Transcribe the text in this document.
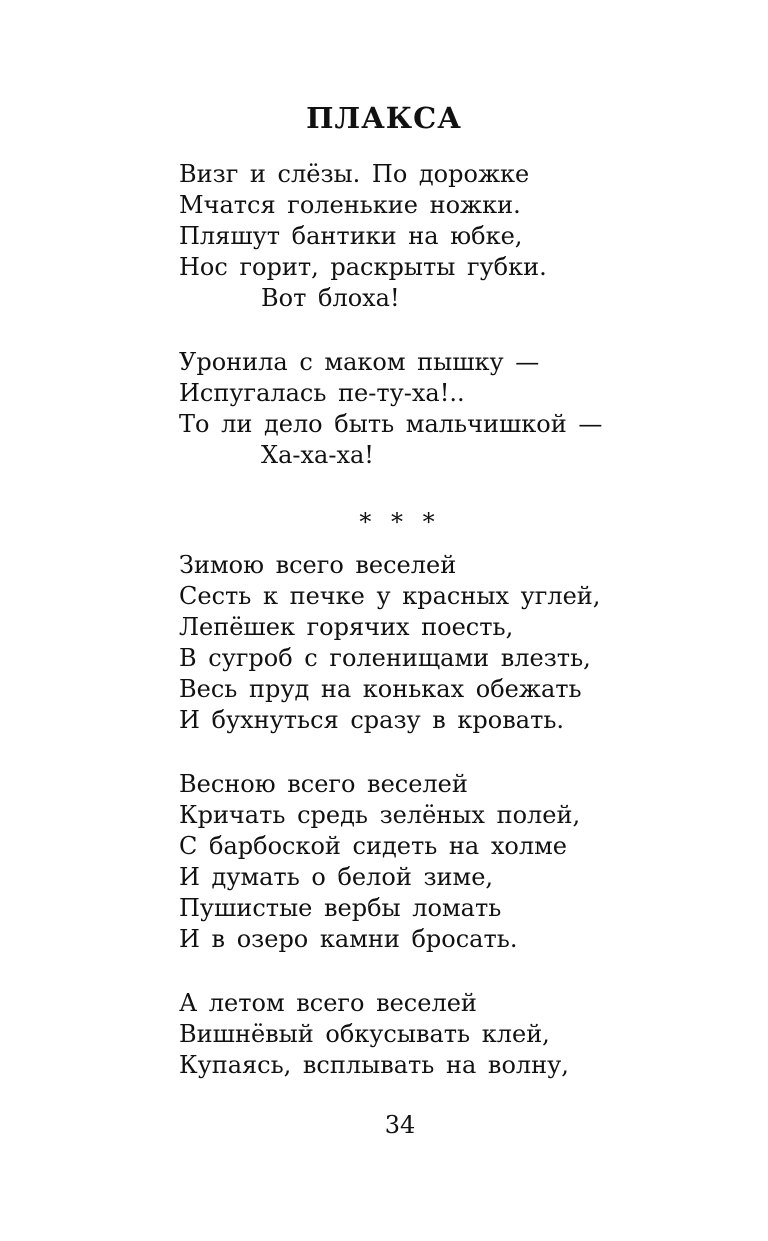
ПЛАКСА
Визг и слёзы. По дорожке
Мчатся голенькие ножки.
Пляшут бантики на юбке,
Нос горит, раскрыты губки.
Вот блоха!
Уронила с маком пышку —
Испугалась пе-ту-ха!..
То ли дело быть мальчишкой —
Ха-ха-ха!
* * *
Зимою всего веселей
Сесть к печке у красных углей,
Лепёшек горячих поесть,
В сугроб с голенищами влезть,
Весь пруд на коньках обежать
И бухнуться сразу в кровать.
Весною всего веселей
Кричать средь зелёных полей,
С барбоской сидеть на холме
И думать о белой зиме,
Пушистые вербы ломать
И в озеро камни бросать.
А летом всего веселей
Вишнёвый обкусывать клей,
Купаясь, всплывать на волну,
34
